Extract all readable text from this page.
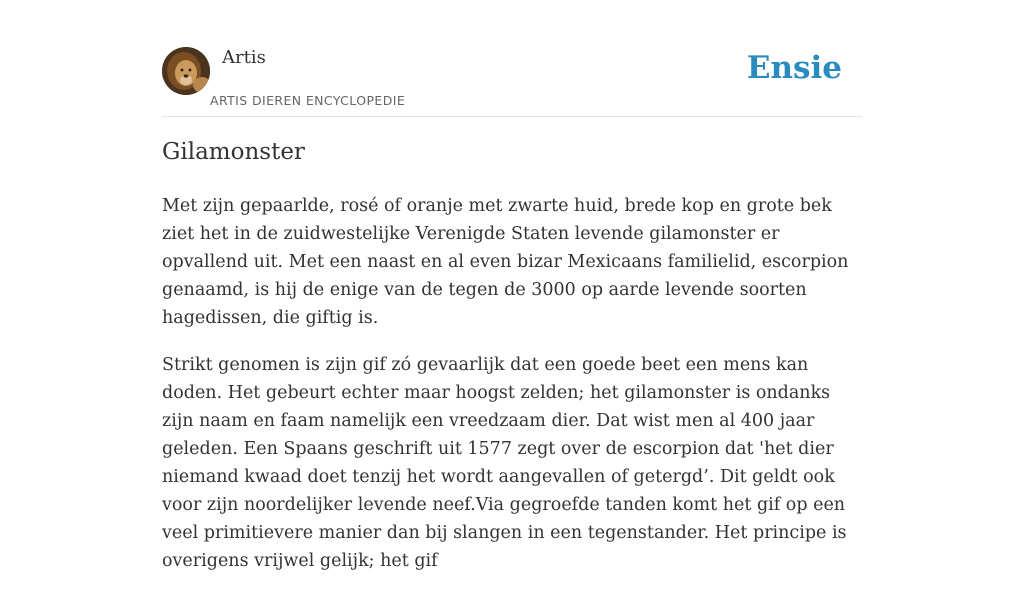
Artis
ARTIS DIEREN ENCYCLOPEDIE
Ensie
Gilamonster

Met zijn gepaarlde, rosé of oranje met zwarte huid, brede kop en grote bek ziet het in de zuidwestelijke Verenigde Staten levende gilamonster er opvallend uit. Met een naast en al even bizar Mexicaans familielid, escorpion genaamd, is hij de enige van de tegen de 3000 op aarde levende soorten hagedissen, die giftig is.

Strikt genomen is zijn gif zó gevaarlijk dat een goede beet een mens kan doden. Het gebeurt echter maar hoogst zelden; het gilamonster is ondanks zijn naam en faam namelijk een vreedzaam dier. Dat wist men al 400 jaar geleden. Een Spaans geschrift uit 1577 zegt over de escorpion dat 'het dier niemand kwaad doet tenzij het wordt aangevallen of getergd’. Dit geldt ook voor zijn noordelijker levende neef.Via gegroefde tanden komt het gif op een veel primitievere manier dan bij slangen in een tegenstander. Het principe is overigens vrijwel gelijk; het gif
